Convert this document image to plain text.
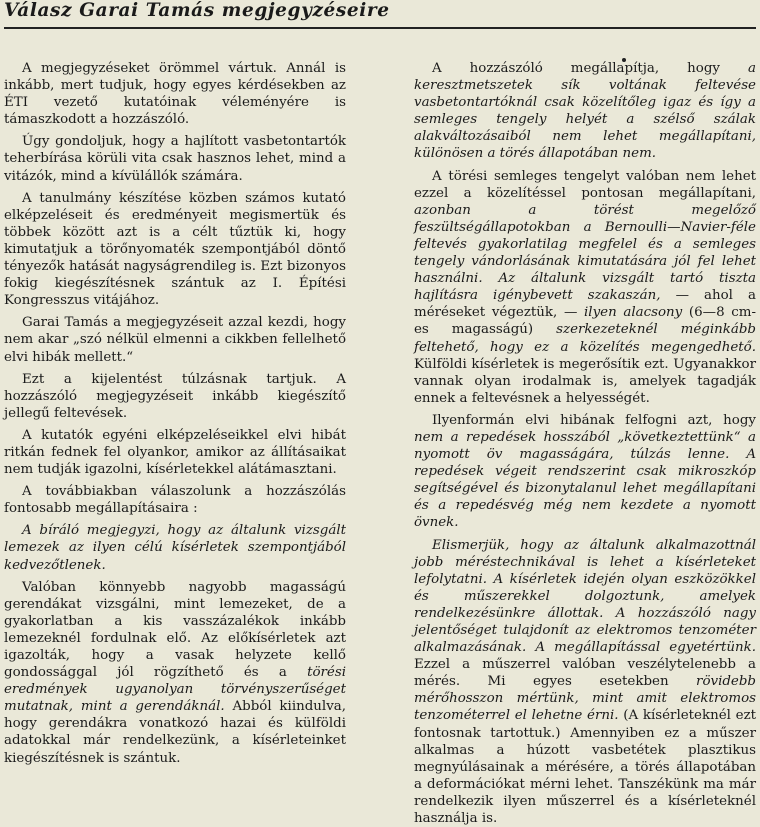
Válasz Garai Tamás megjegyzéseire

A megjegyzéseket örömmel vártuk. Annál is inkább, mert tudjuk, hogy egyes kérdésekben az ÉTI vezető kutatóinak véleményére is támaszkodott a hozzászóló.

Úgy gondoljuk, hogy a hajlított vasbetontartók teherbírása körüli vita csak hasznos lehet, mind a vitázók, mind a kívülállók számára.

A tanulmány készítése közben számos kutató elképzeléseit és eredményeit megismertük és többek között azt is a célt tűztük ki, hogy kimutatjuk a törőnyomaték szempontjából döntő tényezők hatását nagyságrendileg is. Ezt bizonyos fokig kiegészítésnek szántuk az I. Építési Kongresszus vitájához.

Garai Tamás a megjegyzéseit azzal kezdi, hogy nem akar „szó nélkül elmenni a cikkben fellelhető elvi hibák mellett.“

Ezt a kijelentést túlzásnak tartjuk. A hozzászóló megjegyzéseit inkább kiegészítő jellegű feltevések.

A kutatók egyéni elképzeléseikkel elvi hibát ritkán fednek fel olyankor, amikor az állításaikat nem tudják igazolni, kísérletekkel alátámasztani.

A továbbiakban válaszolunk a hozzászólás fontosabb megállapításaira :

A bíráló megjegyzi, hogy az általunk vizsgált lemezek az ilyen célú kísérletek szempontjából kedvezőtlenek.

Valóban könnyebb nagyobb magasságú gerendákat vizsgálni, mint lemezeket, de a gyakorlatban a kis vasszázalékok inkább lemezeknél fordulnak elő. Az előkísérletek azt igazolták, hogy a vasak helyzete kellő gondossággal jól rögzíthető és a törési eredmények ugyanolyan törvényszerűséget mutatnak, mint a gerendáknál. Abból kiindulva, hogy gerendákra vonatkozó hazai és külföldi adatokkal már rendelkezünk, a kísérleteinket kiegészítésnek is szántuk.

A hozzászóló megállapítja, hogy a keresztmetszetek sík voltának feltevése vasbetontartóknál csak közelítőleg igaz és így a semleges tengely helyét a szélső szálak alakváltozásaiból nem lehet megállapítani, különösen a törés állapotában nem.

A törési semleges tengelyt valóban nem lehet ezzel a közelítéssel pontosan megállapítani, azonban a törést megelőző feszültségállapotokban a Bernoulli—Navier-féle feltevés gyakorlatilag megfelel és a semleges tengely vándorlásának kimutatására jól fel lehet használni. Az általunk vizsgált tartó tiszta hajlításra igénybevett szakaszán, — ahol a méréseket végeztük, — ilyen alacsony (6—8 cm-es magasságú) szerkezeteknél méginkább feltehető, hogy ez a közelítés megengedhető. Külföldi kísérletek is megerősítik ezt. Ugyanakkor vannak olyan irodalmak is, amelyek tagadják ennek a feltevésnek a helyességét.

Ilyenformán elvi hibának felfogni azt, hogy nem a repedések hosszából „következtettünk“ a nyomott öv magasságára, túlzás lenne. A repedések végeit rendszerint csak mikroszkóp segítségével és bizonytalanul lehet megállapítani és a repedésvég még nem kezdete a nyomott övnek.

Elismerjük, hogy az általunk alkalmazottnál jobb méréstechnikával is lehet a kísérleteket lefolytatni. A kísérletek idején olyan eszközökkel és műszerekkel dolgoztunk, amelyek rendelkezésünkre állottak. A hozzászóló nagy jelentőséget tulajdonít az elektromos tenzométer alkalmazásának. A megállapítással egyetértünk. Ezzel a műszerrel valóban veszélytelenebb a mérés. Mi egyes esetekben rövidebb mérőhosszon mértünk, mint amit elektromos tenzométerrel el lehetne érni. (A kísérleteknél ezt fontosnak tartottuk.) Amennyiben ez a műszer alkalmas a húzott vasbetétek plasztikus megnyúlásainak a mérésére, a törés állapotában a deformációkat mérni lehet. Tanszékünk ma már rendelkezik ilyen műszerrel és a kísérleteknél használja is.
